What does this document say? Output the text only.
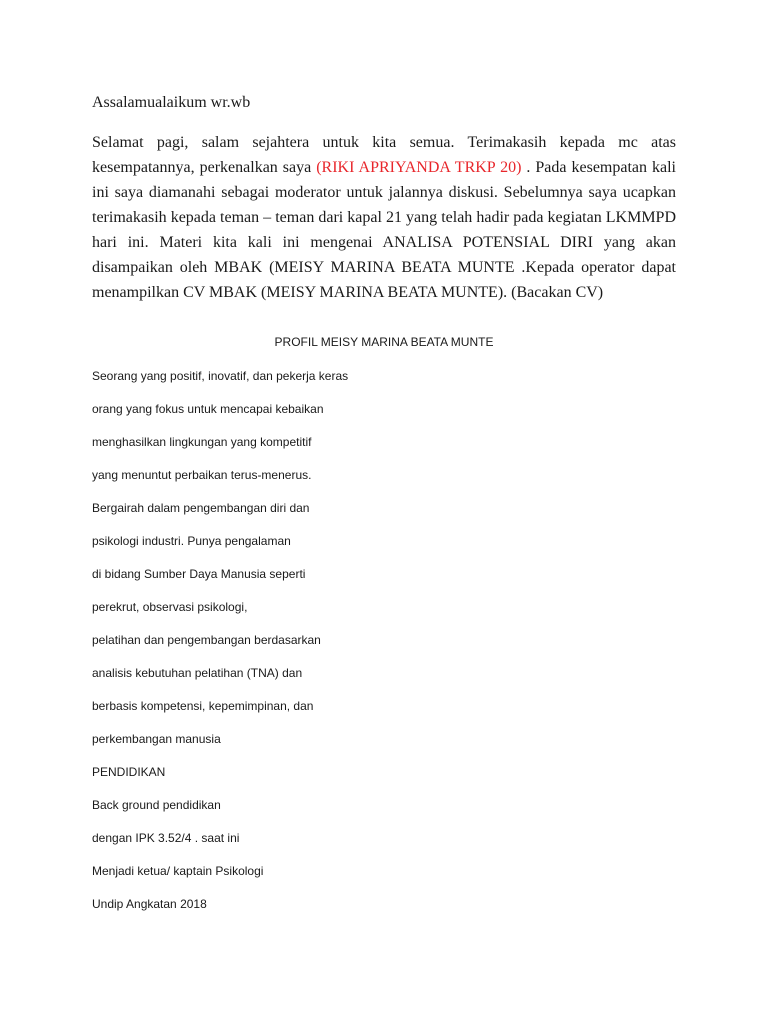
Assalamualaikum wr.wb

Selamat pagi, salam sejahtera untuk kita semua. Terimakasih kepada mc atas kesempatannya, perkenalkan saya (RIKI APRIYANDA TRKP 20) . Pada kesempatan kali ini saya diamanahi sebagai moderator untuk jalannya diskusi. Sebelumnya saya ucapkan terimakasih kepada teman – teman dari kapal 21 yang telah hadir pada kegiatan LKMMPD hari ini. Materi kita kali ini mengenai ANALISA POTENSIAL DIRI yang akan disampaikan oleh MBAK (MEISY MARINA BEATA MUNTE .Kepada operator dapat menampilkan CV MBAK (MEISY MARINA BEATA MUNTE). (Bacakan CV)

PROFIL MEISY MARINA BEATA MUNTE

Seorang yang positif, inovatif, dan pekerja keras
orang yang fokus untuk mencapai kebaikan
menghasilkan lingkungan yang kompetitif
yang menuntut perbaikan terus-menerus.
Bergairah dalam pengembangan diri dan
psikologi industri. Punya pengalaman
di bidang Sumber Daya Manusia seperti
perekrut, observasi psikologi,
pelatihan dan pengembangan berdasarkan
analisis kebutuhan pelatihan (TNA) dan
berbasis kompetensi, kepemimpinan, dan
perkembangan manusia
PENDIDIKAN
Back ground pendidikan
dengan IPK 3.52/4 . saat ini
Menjadi ketua/ kaptain Psikologi
Undip Angkatan 2018
